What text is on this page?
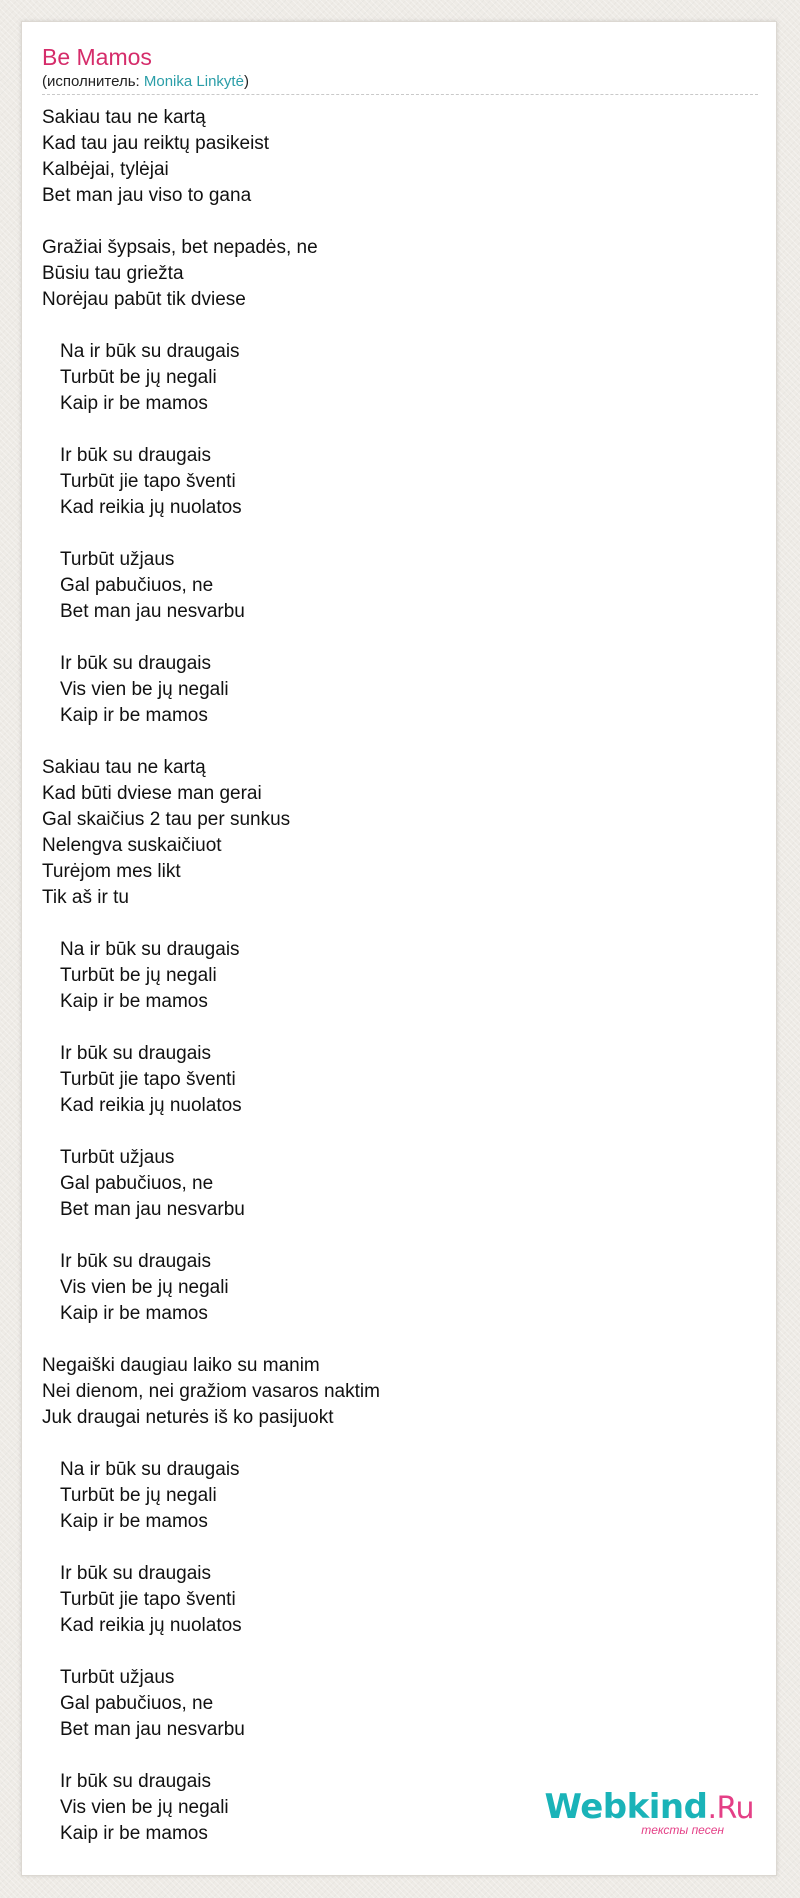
Be Mamos
(исполнитель: Monika Linkytė)
Sakiau tau ne kartą
Kad tau jau reiktų pasikeist
Kalbėjai, tylėjai
Bet man jau viso to gana
Gražiai šypsais, bet nepadės, ne
Būsiu tau griežta
Norėjau pabūt tik dviese
Na ir būk su draugais
Turbūt be jų negali
Kaip ir be mamos
Ir būk su draugais
Turbūt jie tapo šventi
Kad reikia jų nuolatos
Turbūt užjaus
Gal pabučiuos, ne
Bet man jau nesvarbu
Ir būk su draugais
Vis vien be jų negali
Kaip ir be mamos
Sakiau tau ne kartą
Kad būti dviese man gerai
Gal skaičius 2 tau per sunkus
Nelengva suskaičiuot
Turėjom mes likt
Tik aš ir tu
Na ir būk su draugais
Turbūt be jų negali
Kaip ir be mamos
Ir būk su draugais
Turbūt jie tapo šventi
Kad reikia jų nuolatos
Turbūt užjaus
Gal pabučiuos, ne
Bet man jau nesvarbu
Ir būk su draugais
Vis vien be jų negali
Kaip ir be mamos
Negaiški daugiau laiko su manim
Nei dienom, nei gražiom vasaros naktim
Juk draugai neturės iš ko pasijuokt
Na ir būk su draugais
Turbūt be jų negali
Kaip ir be mamos
Ir būk su draugais
Turbūt jie tapo šventi
Kad reikia jų nuolatos
Turbūt užjaus
Gal pabučiuos, ne
Bet man jau nesvarbu
Ir būk su draugais
Vis vien be jų negali
Kaip ir be mamos
Webkind.Ru
тексты песен
